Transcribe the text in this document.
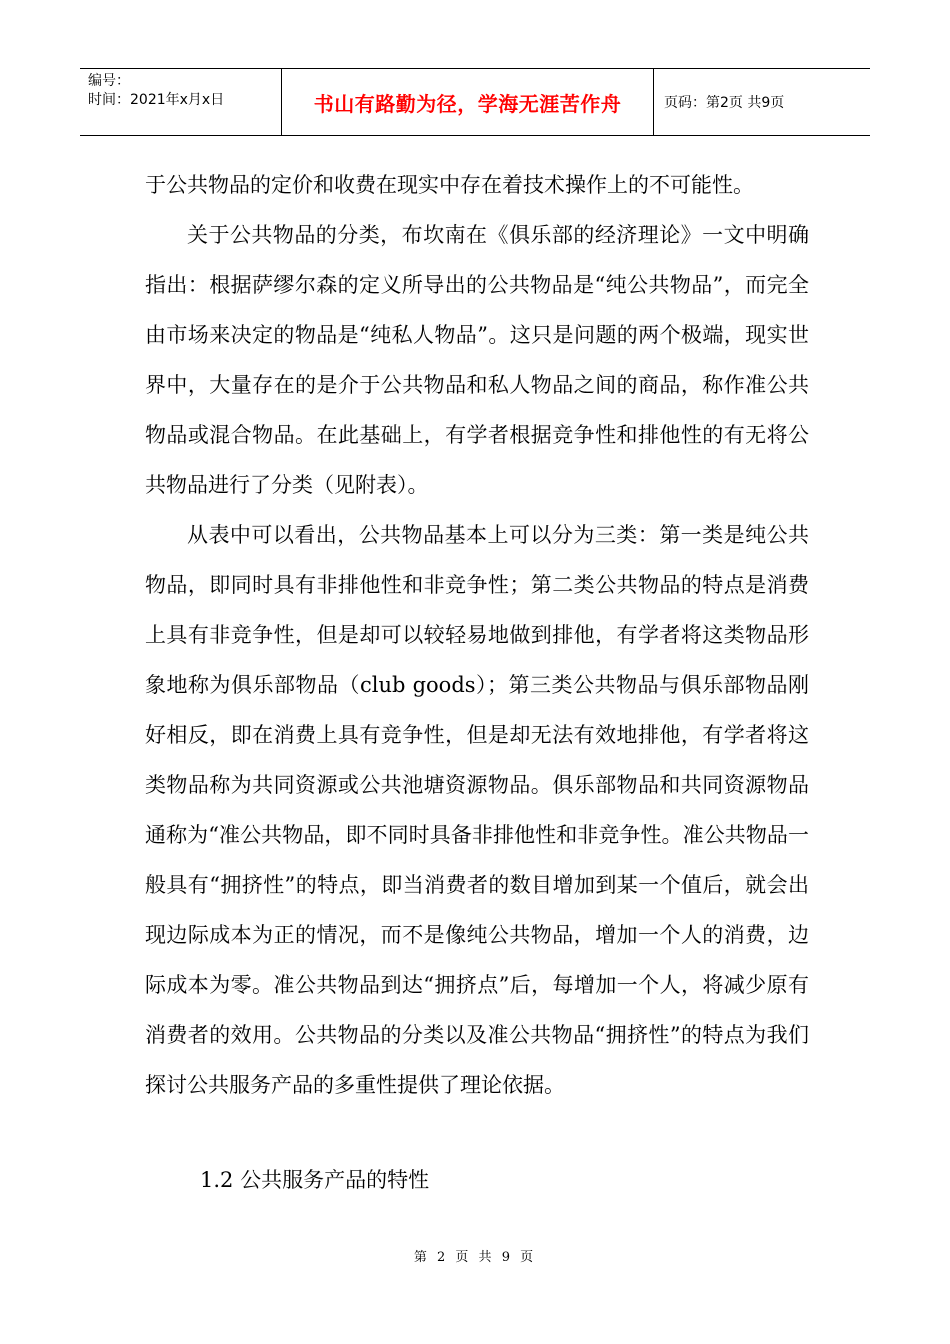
编号：
时间：2021年x月x日	书山有路勤为径，学海无涯苦作舟	页码：第2页 共9页

于公共物品的定价和收费在现实中存在着技术操作上的不可能性。

关于公共物品的分类，布坎南在《俱乐部的经济理论》一文中明确指出：根据萨缪尔森的定义所导出的公共物品是“纯公共物品”，而完全由市场来决定的物品是“纯私人物品”。这只是问题的两个极端，现实世界中，大量存在的是介于公共物品和私人物品之间的商品，称作准公共物品或混合物品。在此基础上，有学者根据竞争性和排他性的有无将公共物品进行了分类（见附表）。

从表中可以看出，公共物品基本上可以分为三类：第一类是纯公共物品，即同时具有非排他性和非竞争性；第二类公共物品的特点是消费上具有非竞争性，但是却可以较轻易地做到排他，有学者将这类物品形象地称为俱乐部物品（club goods）；第三类公共物品与俱乐部物品刚好相反，即在消费上具有竞争性，但是却无法有效地排他，有学者将这类物品称为共同资源或公共池塘资源物品。俱乐部物品和共同资源物品通称为“准公共物品，即不同时具备非排他性和非竞争性。准公共物品一般具有“拥挤性”的特点，即当消费者的数目增加到某一个值后，就会出现边际成本为正的情况，而不是像纯公共物品，增加一个人的消费，边际成本为零。准公共物品到达“拥挤点”后，每增加一个人，将减少原有消费者的效用。公共物品的分类以及准公共物品“拥挤性”的特点为我们探讨公共服务产品的多重性提供了理论依据。

1.2 公共服务产品的特性
第 2 页 共 9 页
